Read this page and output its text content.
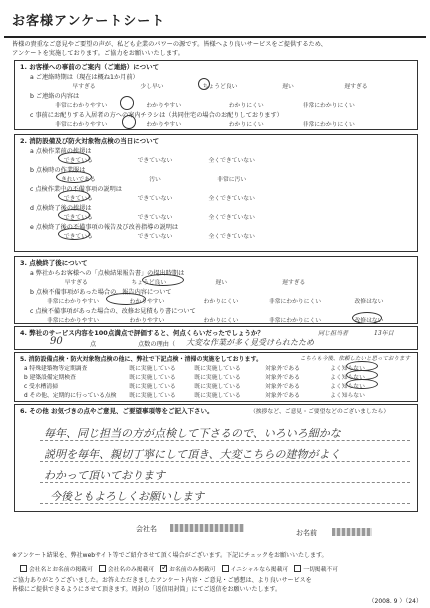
お客様アンケートシート
皆様の貴重なご意見やご要望の声が、私ども企業のパワーの源です。皆様へより良いサービスをご提供するため、
アンケートを実施しております。ご協力をお願いいたします。
1. お客様への事前のご案内（ご連絡）について
a ご連絡時期は（現在は概ね1か月前）
早すぎる	少し早い	ちょうど良い	遅い	遅すぎる
b ご連絡の内容は
非常にわかりやすい	わかりやすい	わかりにくい	非常にわかりにくい
c 事前にお配りする入居者の方への案内チラシは（共同住宅の場合のお配りしております）
非常にわかりやすい	わかりやすい	わかりにくい	非常にわかりにくい
2. 消防設備及び防火対象物点検の当日について
a 点検作業前の挨拶は
できている	できていない	全くできていない
b 点検時の作業服は
きれいである	汚い	非常に汚い
c 点検作業中の不備事項の説明は
できている	できていない	全くできていない
d 点検終了後の挨拶は
できている	できていない	全くできていない
e 点検終了後の不備事項の報告及び改善指導の説明は
できている	できていない	全くできていない
3. 点検終了後について
a 弊社からお客様への「点検結果報告書」の提出時期は
早すぎる	ちょうど良い	遅い	遅すぎる
b 点検不備事項があった場合の、報告内容について
非常にわかりやすい	わかりやすい	わかりにくい	非常にわかりにくい	改修はない
c 点検不備事項があった場合の、改修お見積もり書について
非常にわかりやすい	わかりやすい	わかりにくい	非常にわかりにくい	改修はない
4. 弊社のサービス内容を100点満点で評価すると、何点くらいだったでしょうか？
90	点	点数の理由（ 大変な作業が多く見受けられたため
同じ担当者	13年目
5. 消防設備点検・防火対象物点検の他に、弊社で下記点検・清掃の実施をしております。	こちらも今後、依頼したいと思っております
a 特殊建築物等定期調査	既に実施している	既に実施している	対象外である	よく知らない
b 建築設備定期検査	既に実施している	既に実施している	対象外である	よく知らない
c 受水槽清掃	既に実施している	既に実施している	対象外である	よく知らない
d その他、定期的に行っている点検	既に実施している	既に実施している	対象外である	よく知らない
6. その他 お気づきの点やご意見、ご要望事項等をご記入下さい。	（挨拶など、ご意見・ご要望などのございましたら）
毎年、同じ担当の方が点検して下さるので、いろいろ細かな
説明を毎年、親切丁寧にして頂き、大変こちらの建物がよく
わかって頂いております
今後ともよろしくお願いします
会社名	お名前
※アンケート結果を、弊社webサイト等でご紹介させて頂く場合がございます。下記にチェックをお願いいたします。
会社名とお名前の掲載可	会社名のみ掲載可 ✓ お名前のみ掲載可	イニシャルなら掲載可	一切掲載不可
ご協力ありがとうございました。お答えただきましたアンケート内容・ご意見・ご感想は、より良いサービスを
皆様にご提供できるようにさせて頂きます。周封の「返信用封筒」にてご返信をお願いいたします。
（2008. 9 ）（24）
